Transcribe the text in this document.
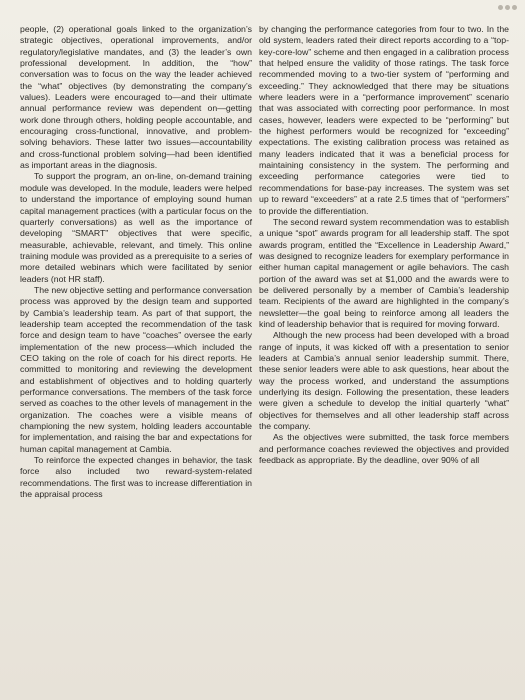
people, (2) operational goals linked to the organization’s strategic objectives, operational improvements, and/or regulatory/legislative mandates, and (3) the leader’s own professional development. In addition, the “how” conversation was to focus on the way the leader achieved the “what” objectives (by demonstrating the company’s values). Leaders were encouraged to—and their ultimate annual performance review was dependent on—getting work done through others, holding people accountable, and encouraging cross-functional, innovative, and problem-solving behaviors. These latter two issues—accountability and cross-functional problem solving—had been identified as important areas in the diagnosis.

To support the program, an on-line, on-demand training module was developed. In the module, leaders were helped to understand the importance of employing sound human capital management practices (with a particular focus on the quarterly conversations) as well as the importance of developing “SMART” objectives that were specific, measurable, achievable, relevant, and timely. This online training module was provided as a prerequisite to a series of more detailed webinars which were facilitated by senior leaders (not HR staff).

The new objective setting and performance conversation process was approved by the design team and supported by Cambia’s leadership team. As part of that support, the leadership team accepted the recommendation of the task force and design team to have “coaches” oversee the early implementation of the new process—which included the CEO taking on the role of coach for his direct reports. He committed to monitoring and reviewing the development and establishment of objectives and to holding quarterly performance conversations. The members of the task force served as coaches to the other levels of management in the organization. The coaches were a visible means of championing the new system, holding leaders accountable for implementation, and raising the bar and expectations for human capital management at Cambia.

To reinforce the expected changes in behavior, the task force also included two reward-system-related recommendations. The first was to increase differentiation in the appraisal process

by changing the performance categories from four to two. In the old system, leaders rated their direct reports according to a “top-key-core-low” scheme and then engaged in a calibration process that helped ensure the validity of those ratings. The task force recommended moving to a two-tier system of “performing and exceeding.” They acknowledged that there may be situations where leaders were in a “performance improvement” scenario that was associated with correcting poor performance. In most cases, however, leaders were expected to be “performing” but the highest performers would be recognized for “exceeding” expectations. The existing calibration process was retained as many leaders indicated that it was a beneficial process for maintaining consistency in the system. The performing and exceeding performance categories were tied to recommendations for base-pay increases. The system was set up to reward “exceeders” at a rate 2.5 times that of “performers” to provide the differentiation.

The second reward system recommendation was to establish a unique “spot” awards program for all leadership staff. The spot awards program, entitled the “Excellence in Leadership Award,” was designed to recognize leaders for exemplary performance in either human capital management or agile behaviors. The cash portion of the award was set at $1,000 and the awards were to be delivered personally by a member of Cambia’s leadership team. Recipients of the award are highlighted in the company’s newsletter—the goal being to reinforce among all leaders the kind of leadership behavior that is required for moving forward.

Although the new process had been developed with a broad range of inputs, it was kicked off with a presentation to senior leaders at Cambia’s annual senior leadership summit. There, these senior leaders were able to ask questions, hear about the way the process worked, and understand the assumptions underlying its design. Following the presentation, these leaders were given a schedule to develop the initial quarterly “what” objectives for themselves and all other leadership staff across the company.

As the objectives were submitted, the task force members and performance coaches reviewed the objectives and provided feedback as appropriate. By the deadline, over 90% of all
